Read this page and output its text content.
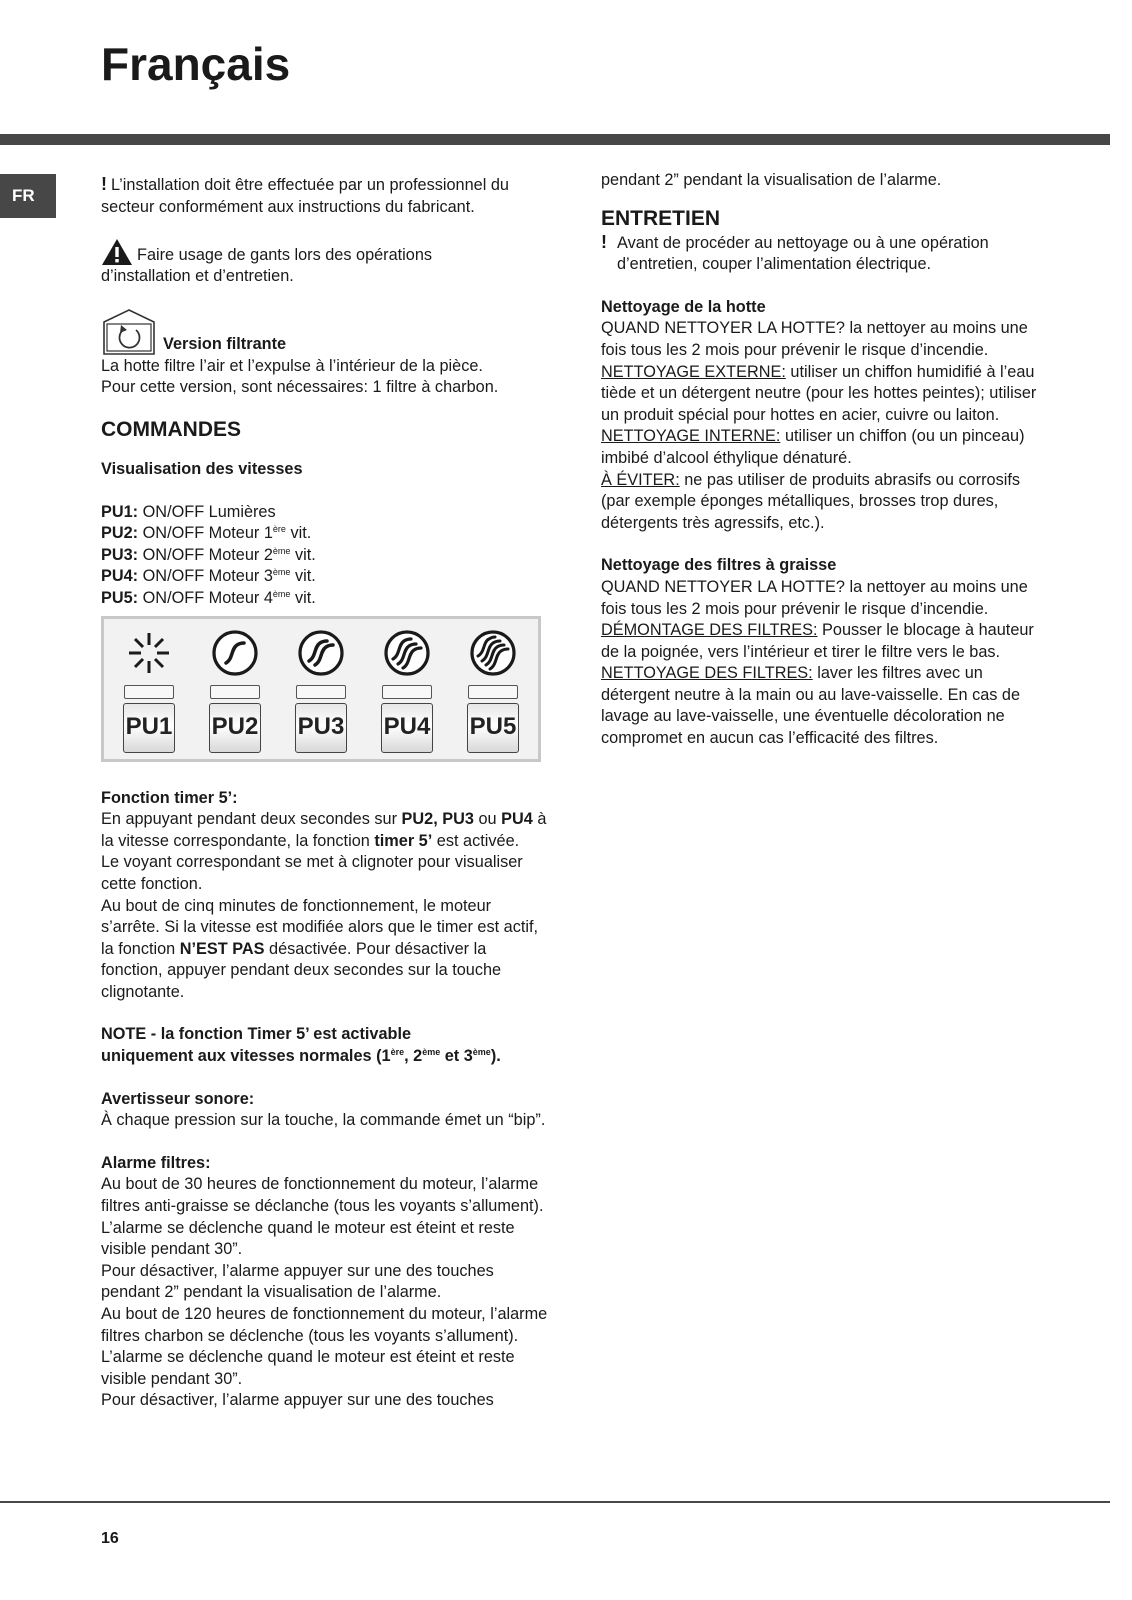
Français
FR

! L’installation doit être effectuée par un professionnel du secteur conformément aux instructions du fabricant.

Faire usage de gants lors des opérations

d’installation et d’entretien.

Version filtrante

La hotte filtre l’air et l’expulse à l’intérieur de la pièce.

Pour cette version, sont nécessaires: 1 filtre à charbon.

COMMANDES

Visualisation des vitesses

PU1: ON/OFF Lumières

PU2: ON/OFF Moteur 1ère vit.

PU3: ON/OFF Moteur 2ème vit.

PU4: ON/OFF Moteur 3ème vit.

PU5: ON/OFF Moteur 4ème vit.

PU1 PU2 PU3 PU4 PU5

Fonction timer 5’:

En appuyant pendant deux secondes sur PU2, PU3 ou PU4 à la vitesse correspondante, la fonction timer 5’ est activée.

Le voyant correspondant se met à clignoter pour visualiser cette fonction.

Au bout de cinq minutes de fonctionnement, le moteur s’arrête. Si la vitesse est modifiée alors que le timer est actif, la fonction N’EST PAS désactivée. Pour désactiver la fonction, appuyer pendant deux secondes sur la touche clignotante.

NOTE - la fonction Timer 5’ est activable

uniquement aux vitesses normales (1ère, 2ème et 3ème).

Avertisseur sonore:

À chaque pression sur la touche, la commande émet un “bip”.

Alarme filtres:

Au bout de 30 heures de fonctionnement du moteur, l’alarme filtres anti-graisse se déclanche (tous les voyants s’allument). L’alarme se déclenche quand le moteur est éteint et reste visible pendant 30”.

Pour désactiver, l’alarme appuyer sur une des touches pendant 2” pendant la visualisation de l’alarme.

Au bout de 120 heures de fonctionnement du moteur, l’alarme filtres charbon se déclenche (tous les voyants s’allument). L’alarme se déclenche quand le moteur est éteint et reste visible pendant 30”.

Pour désactiver, l’alarme appuyer sur une des touches

pendant 2” pendant la visualisation de l’alarme.

ENTRETIEN

! Avant de procéder au nettoyage ou à une opération d’entretien, couper l’alimentation électrique.

Nettoyage de la hotte

QUAND NETTOYER LA HOTTE? la nettoyer au moins une fois tous les 2 mois pour prévenir le risque d’incendie.

NETTOYAGE EXTERNE: utiliser un chiffon humidifié à l’eau tiède et un détergent neutre (pour les hottes peintes); utiliser un produit spécial pour hottes en acier, cuivre ou laiton.

NETTOYAGE INTERNE: utiliser un chiffon (ou un pinceau) imbibé d’alcool éthylique dénaturé.

À ÉVITER: ne pas utiliser de produits abrasifs ou corrosifs (par exemple éponges métalliques, brosses trop dures, détergents très agressifs, etc.).

Nettoyage des filtres à graisse

QUAND NETTOYER LA HOTTE? la nettoyer au moins une fois tous les 2 mois pour prévenir le risque d’incendie.

DÉMONTAGE DES FILTRES: Pousser le blocage à hauteur de la poignée, vers l’intérieur et tirer le filtre vers le bas.

NETTOYAGE DES FILTRES: laver les filtres avec un détergent neutre à la main ou au lave-vaisselle. En cas de lavage au lave-vaisselle, une éventuelle décoloration ne compromet en aucun cas l’efficacité des filtres.

16
